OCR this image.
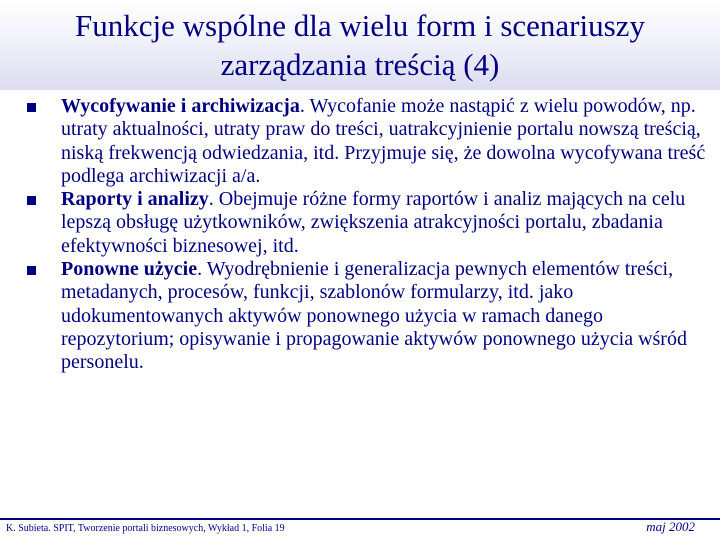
Funkcje wspólne dla wielu form i scenariuszy
zarządzania treścią (4)
Wycofywanie i archiwizacja. Wycofanie może nastąpić z wielu powodów, np. utraty aktualności, utraty praw do treści, uatrakcyjnienie portalu nowszą treścią, niską frekwencją odwiedzania, itd. Przyjmuje się, że dowolna wycofywana treść podlega archiwizacji a/a.
Raporty i analizy. Obejmuje różne formy raportów i analiz mających na celu lepszą obsługę użytkowników, zwiększenia atrakcyjności portalu, zbadania efektywności biznesowej, itd.
Ponowne użycie. Wyodrębnienie i generalizacja pewnych elementów treści, metadanych, procesów, funkcji, szablonów formularzy, itd. jako udokumentowanych aktywów ponownego użycia w ramach danego repozytorium; opisywanie i propagowanie aktywów ponownego użycia wśród personelu.
K. Subieta. SPIT, Tworzenie portali biznesowych, Wykład 1, Folia 19	maj 2002
